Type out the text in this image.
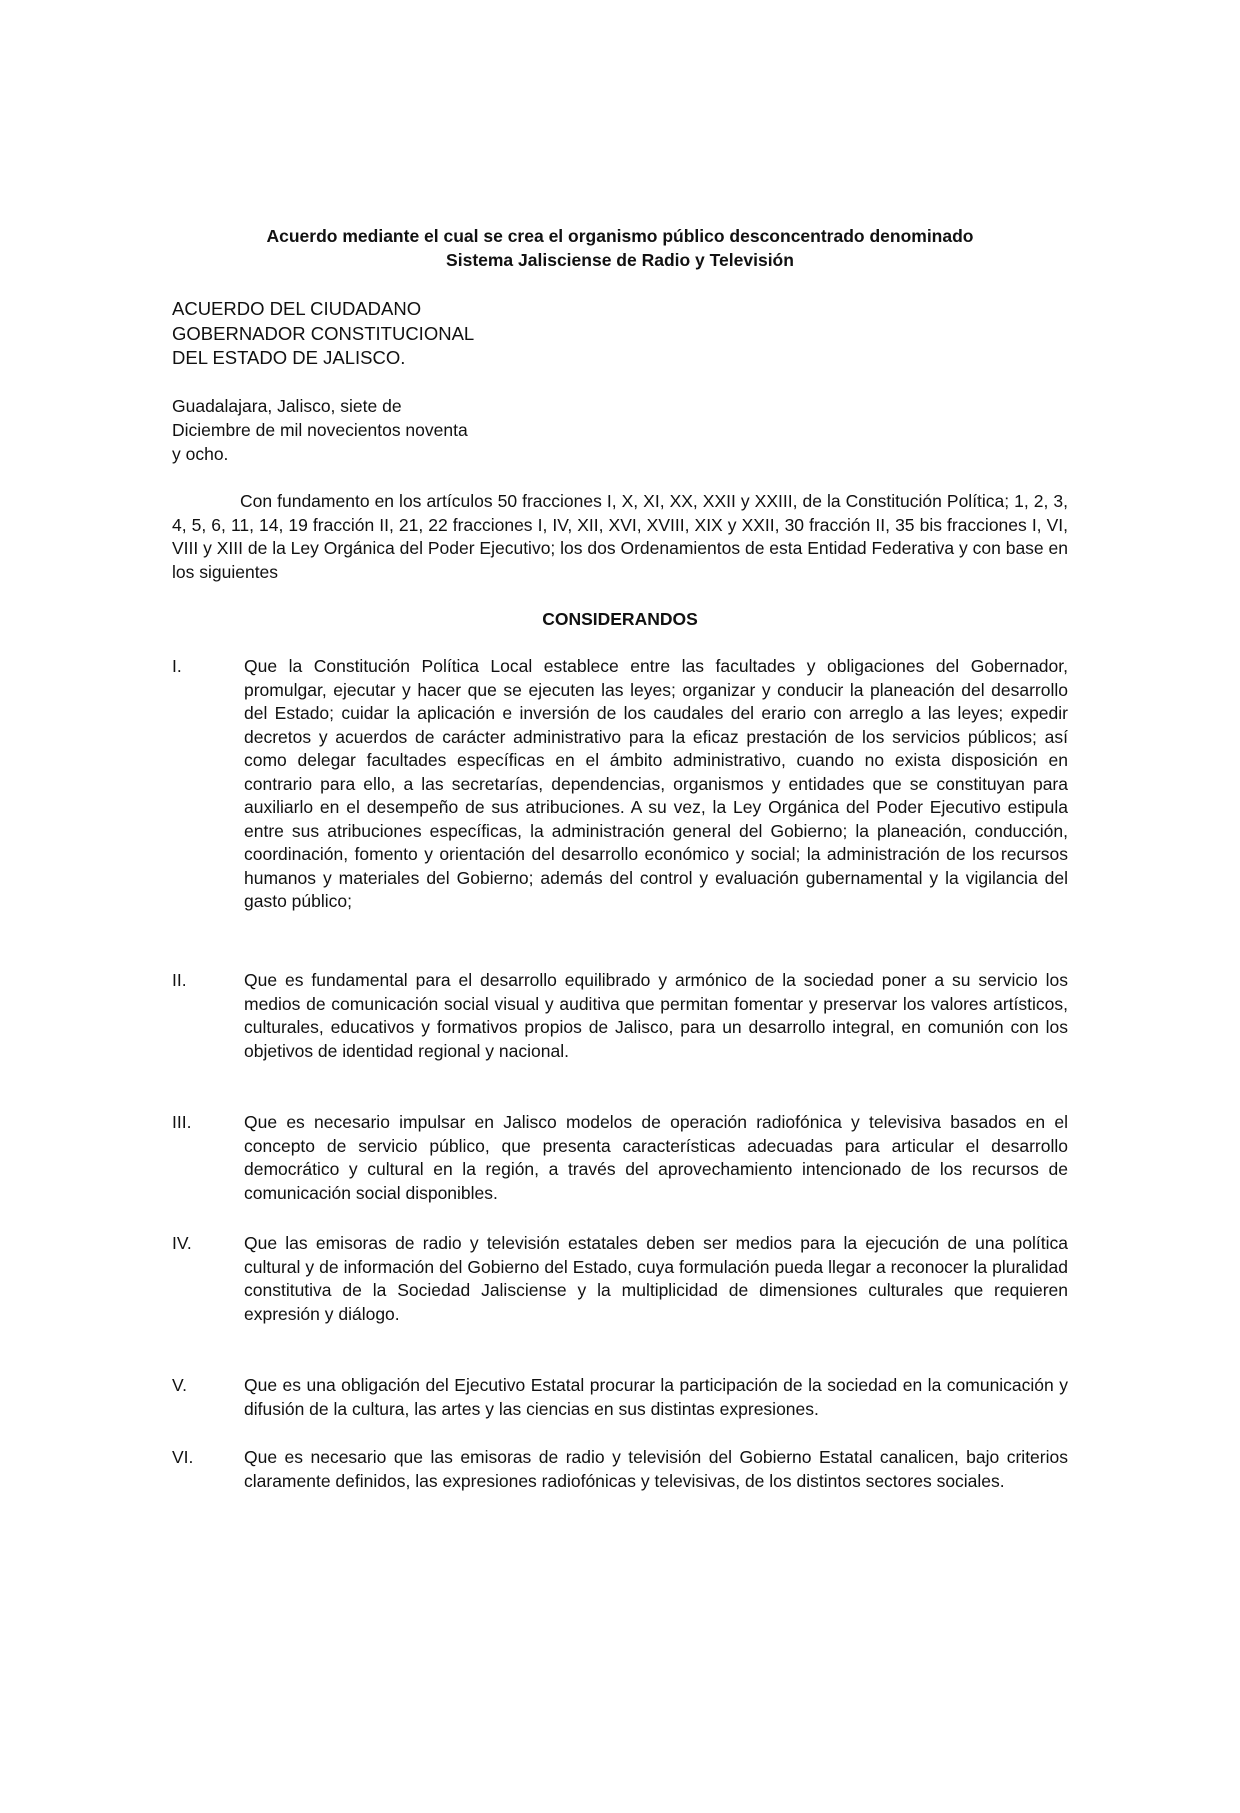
Acuerdo mediante el cual se crea el organismo público desconcentrado denominado
Sistema Jalisciense de Radio y Televisión
ACUERDO DEL CIUDADANO
GOBERNADOR CONSTITUCIONAL
DEL ESTADO DE JALISCO.
Guadalajara, Jalisco, siete de
Diciembre de mil novecientos noventa
y ocho.

Con fundamento en los artículos 50 fracciones I, X, XI, XX, XXII y XXIII, de la Constitución Política; 1, 2, 3, 4, 5, 6, 11, 14, 19 fracción II, 21, 22 fracciones I, IV, XII, XVI, XVIII, XIX y XXII, 30 fracción II, 35 bis fracciones I, VI, VIII y XIII de la Ley Orgánica del Poder Ejecutivo; los dos Ordenamientos de esta Entidad Federativa y con base en los siguientes

CONSIDERANDOS
I.	Que la Constitución Política Local establece entre las facultades y obligaciones del Gobernador, promulgar, ejecutar y hacer que se ejecuten las leyes; organizar y conducir la planeación del desarrollo del Estado; cuidar la aplicación e inversión de los caudales del erario con arreglo a las leyes; expedir decretos y acuerdos de carácter administrativo para la eficaz prestación de los servicios públicos; así como delegar facultades específicas en el ámbito administrativo, cuando no exista disposición en contrario para ello, a las secretarías, dependencias, organismos y entidades que se constituyan para auxiliarlo en el desempeño de sus atribuciones. A su vez, la Ley Orgánica del Poder Ejecutivo estipula entre sus atribuciones específicas, la administración general del Gobierno; la planeación, conducción, coordinación, fomento y orientación del desarrollo económico y social; la administración de los recursos humanos y materiales del Gobierno; además del control y evaluación gubernamental y la vigilancia del gasto público;

II.	Que es fundamental para el desarrollo equilibrado y armónico de la sociedad poner a su servicio los medios de comunicación social visual y auditiva que permitan fomentar y preservar los valores artísticos, culturales, educativos y formativos propios de Jalisco, para un desarrollo integral, en comunión con los objetivos de identidad regional y nacional.

III.	Que es necesario impulsar en Jalisco modelos de operación radiofónica y televisiva basados en el concepto de servicio público, que presenta características adecuadas para articular el desarrollo democrático y cultural en la región, a través del aprovechamiento intencionado de los recursos de comunicación social disponibles.

IV.	Que las emisoras de radio y televisión estatales deben ser medios para la ejecución de una política cultural y de información del Gobierno del Estado, cuya formulación pueda llegar a reconocer la pluralidad constitutiva de la Sociedad Jalisciense y la multiplicidad de dimensiones culturales que requieren expresión y diálogo.

V.	Que es una obligación del Ejecutivo Estatal procurar la participación de la sociedad en la comunicación y difusión de la cultura, las artes y las ciencias en sus distintas expresiones.

VI.	Que es necesario que las emisoras de radio y televisión del Gobierno Estatal canalicen, bajo criterios claramente definidos, las expresiones radiofónicas y televisivas, de los distintos sectores sociales.
